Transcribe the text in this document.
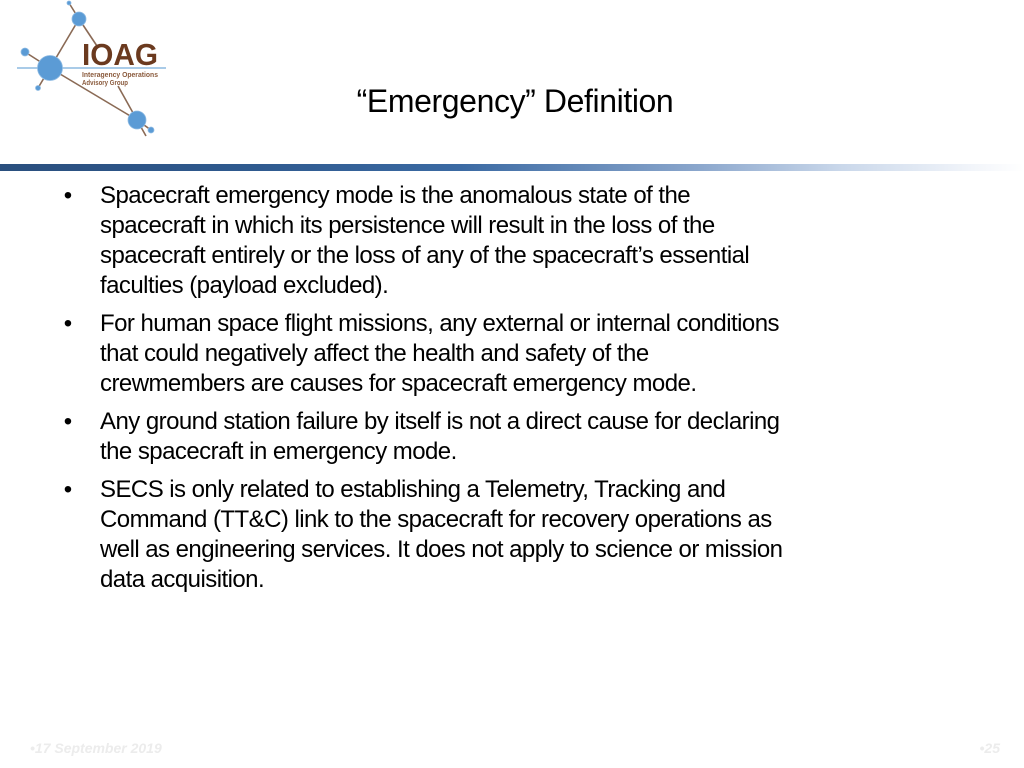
IOAG
Interagency Operations
Advisory Group	“Emergency” Definition
• Spacecraft emergency mode is the anomalous state of the
spacecraft in which its persistence will result in the loss of the
spacecraft entirely or the loss of any of the spacecraft’s essential
faculties (payload excluded).
• For human space flight missions, any external or internal conditions
that could negatively affect the health and safety of the
crewmembers are causes for spacecraft emergency mode.
• Any ground station failure by itself is not a direct cause for declaring
the spacecraft in emergency mode.
• SECS is only related to establishing a Telemetry, Tracking and
Command (TT&C) link to the spacecraft for recovery operations as
well as engineering services. It does not apply to science or mission
data acquisition.
•17 September 2019	•25
